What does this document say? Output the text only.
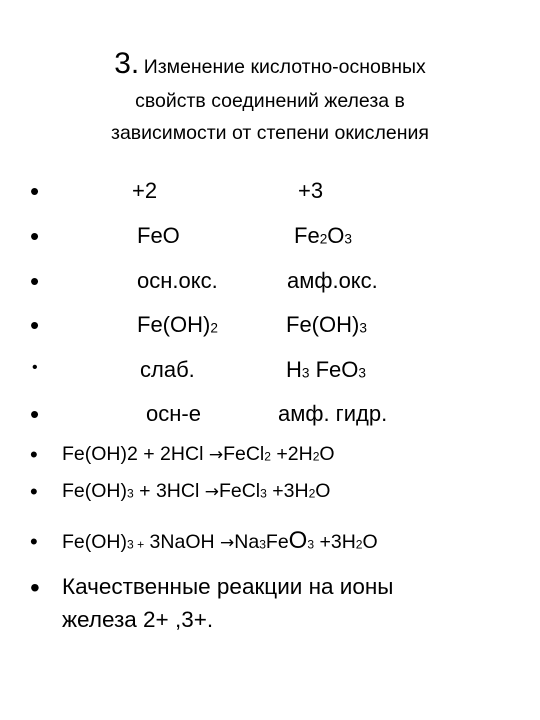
3. Изменение кислотно-основных
свойств соединений железа в
зависимости от степени окисления
•	+2	+3
•	FeO	$Fe_2O_3$
•	осн.окс.	амф.окс.
•	$Fe(OH)_2$	$Fe(OH)_3$
•	слаб.	$H_3$ FeO$_3$
•	осн-е	амф. гидр.
• Fe(OH)2 + 2HCl →FeCl$_2$ $+2H_2O$
• $Fe(OH)_3 + 3HCl$ →FeCl$_3$ $+3H_2O$
• $Fe(OH)_{3 +}$ 3NaOH $\to Na_3FeO_3 +3H_2O$
• Качественные реакции на ионы
железа 2+ ,3+.
